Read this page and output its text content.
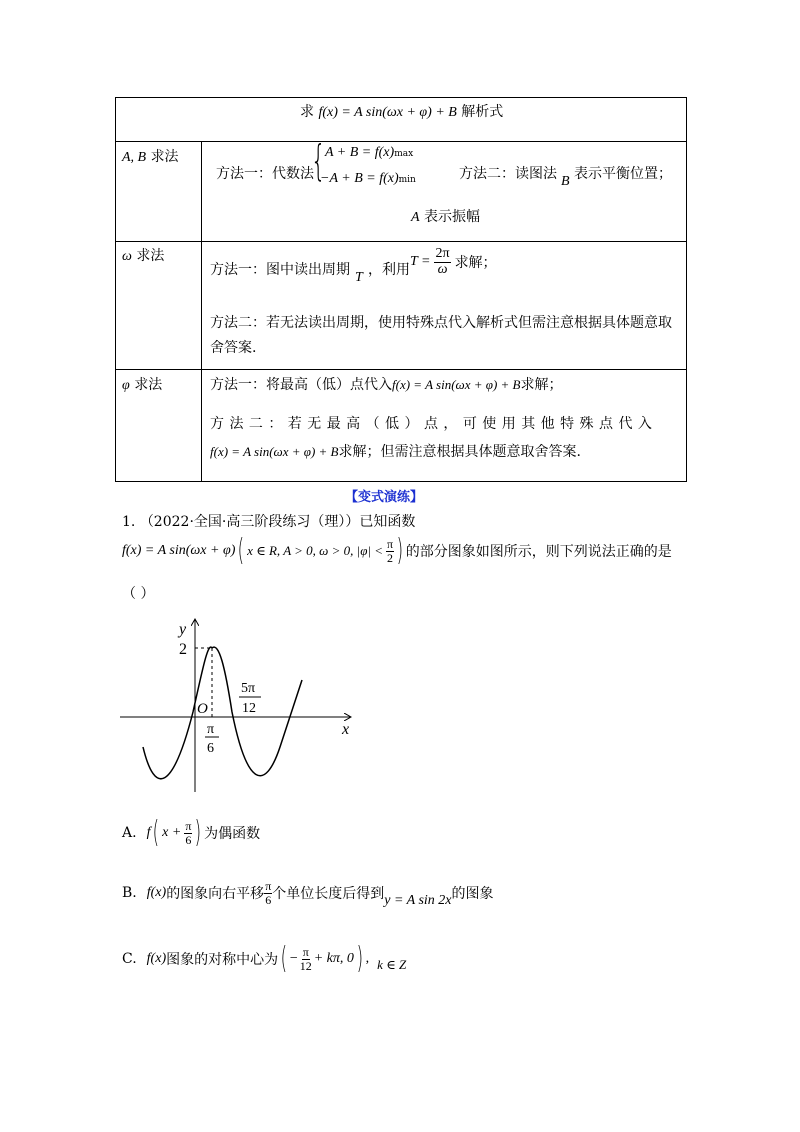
求 f(x) = A sin(ωx + φ) + B 解析式
A, B 求法
方法一：代数法
{ A + B = f(x)max
−A + B = f(x)min	方法二：读图法 B 表示平衡位置；
A 表示振幅
ω 求法
方法一：图中读出周期 T ，利用
$T = \frac{2\pi}{\omega}$ 求解；
方法二：若无法读出周期，使用特殊点代入解析式但需注意根据具体题意取
舍答案.
φ 求法	方法一：将最高（低）点代入f(x) = A sin(ωx + φ) + B求解；
方 法 二 ： 若 无 最 高 （ 低 ） 点 ， 可 使 用 其 他 特 殊 点 代 入
f(x) = A sin(ωx + φ) + B求解；但需注意根据具体题意取舍答案.
【变式演练】
1. （2022·全国·高三阶段练习（理））已知函数
f(x) = A sin(ωx + φ) ( x ∈ R, A > 0, ω > 0, $|\varphi| < \frac{\pi}{2}$ ) 的部分图象如图所示，则下列说法正确的是
（ ）
y
x
O
2
π
6
5π
12
A. f ( $x + \frac{\pi}{6}$ ) 为偶函数
B. f(x) 的图象向右平移 $\frac{\pi}{6}$ 个单位长度后得到 y = A sin 2x 的图象
C. f(x) 图象的对称中心为 ( − $\frac{\pi}{12} + k\pi$, 0 ) , k ∈ Z
